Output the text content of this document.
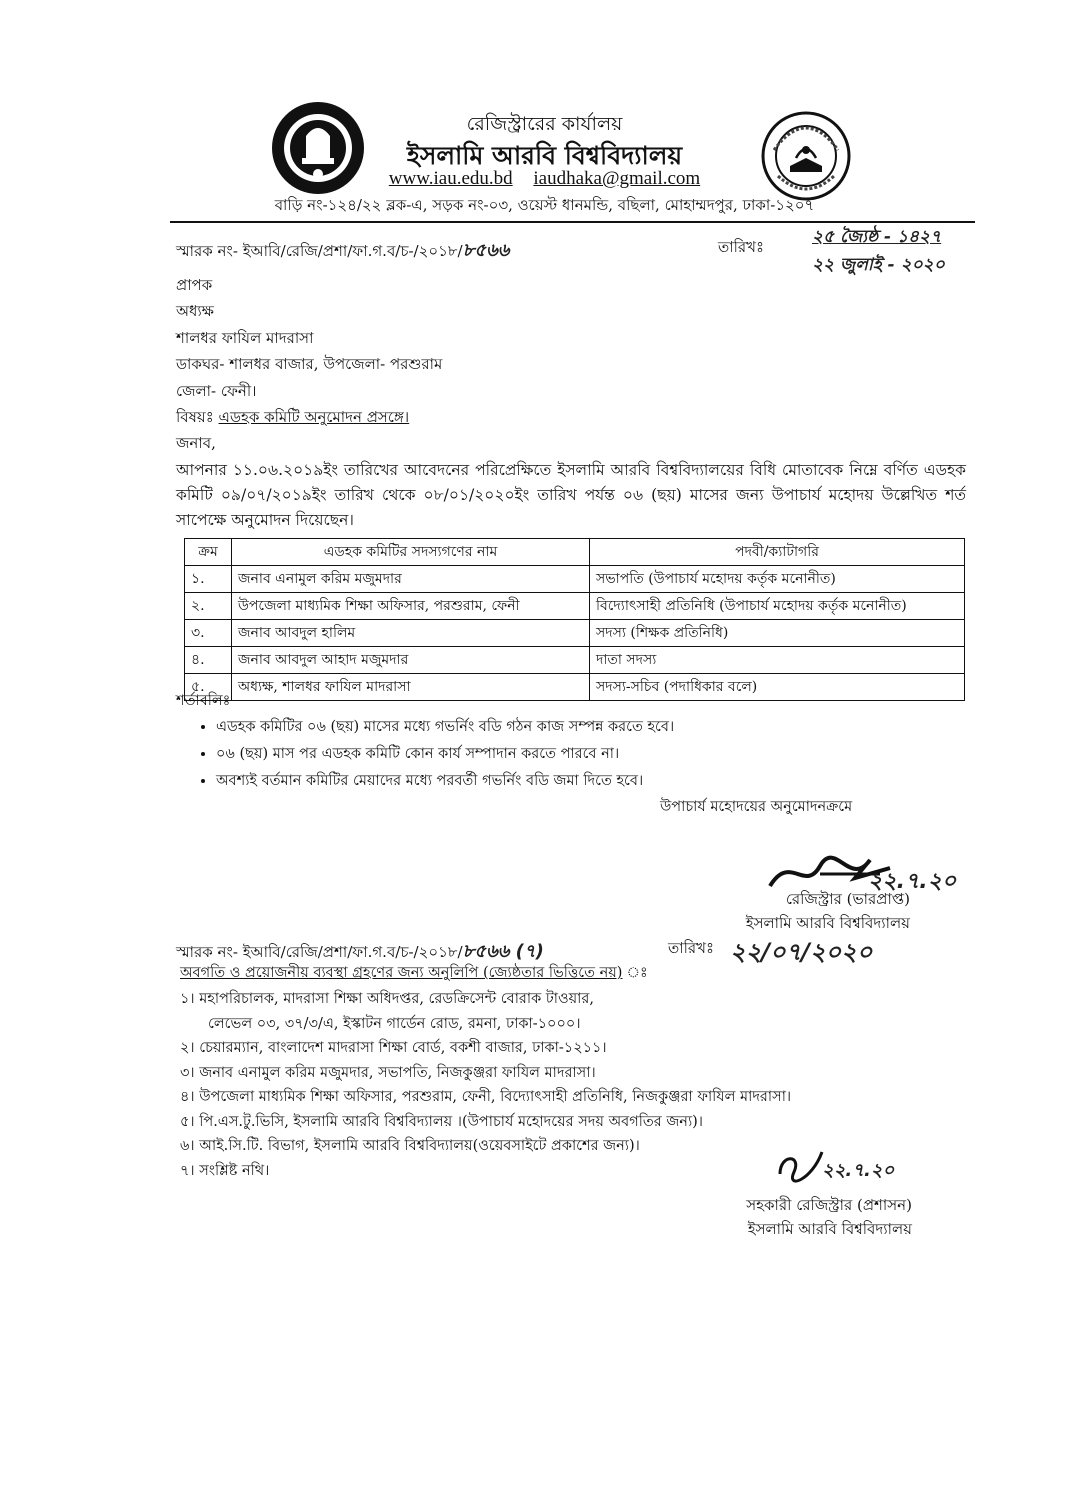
রেজিস্ট্রারের কার্যালয়
ইসলামি আরবি বিশ্ববিদ্যালয়
www.iau.edu.bd iaudhaka@gmail.com
বাড়ি নং-১২৪/২২ ব্লক-এ, সড়ক নং-০৩, ওয়েস্ট ধানমন্ডি, বছিলা, মোহাম্মদপুর, ঢাকা-১২০৭
স্মারক নং- ইআবি/রেজি/প্রশা/ফা.গ.ব/চ-/২০১৮/৮৫৬৬	তারিখঃ	২৫ জ্যৈষ্ঠ - ১৪২৭
২২ জুলাই - ২০২০
প্রাপক
অধ্যক্ষ
শালধর ফাযিল মাদরাসা
ডাকঘর- শালধর বাজার, উপজেলা- পরশুরাম
জেলা- ফেনী।
বিষয়ঃ এডহক কমিটি অনুমোদন প্রসঙ্গে।
জনাব,
আপনার ১১.০৬.২০১৯ইং তারিখের আবেদনের পরিপ্রেক্ষিতে ইসলামি আরবি বিশ্ববিদ্যালয়ের বিধি মোতাবেক নিম্নে বর্ণিত এডহক কমিটি ০৯/০৭/২০১৯ইং তারিখ থেকে ০৮/০১/২০২০ইং তারিখ পর্যন্ত ০৬ (ছয়) মাসের জন্য উপাচার্য মহোদয় উল্লেখিত শর্ত সাপেক্ষে অনুমোদন দিয়েছেন।
ক্রম	এডহক কমিটির সদস্যগণের নাম	পদবী/ক্যাটাগরি
১.	জনাব এনামুল করিম মজুমদার	সভাপতি (উপাচার্য মহোদয় কর্তৃক মনোনীত)
২.	উপজেলা মাধ্যমিক শিক্ষা অফিসার, পরশুরাম, ফেনী	বিদ্যোৎসাহী প্রতিনিধি (উপাচার্য মহোদয় কর্তৃক মনোনীত)
৩.	জনাব আবদুল হালিম	সদস্য (শিক্ষক প্রতিনিধি)
৪.	জনাব আবদুল আহাদ মজুমদার	দাতা সদস্য
৫.	অধ্যক্ষ, শালধর ফাযিল মাদরাসা	সদস্য-সচিব (পদাধিকার বলে)
শর্তাবলিঃ
• এডহক কমিটির ০৬ (ছয়) মাসের মধ্যে গভর্নিং বডি গঠন কাজ সম্পন্ন করতে হবে।
• ০৬ (ছয়) মাস পর এডহক কমিটি কোন কার্য সম্পাদান করতে পারবে না।
• অবশ্যই বর্তমান কমিটির মেয়াদের মধ্যে পরবর্তী গভর্নিং বডি জমা দিতে হবে।
উপাচার্য মহোদয়ের অনুমোদনক্রমে
২২.৭.২০
রেজিস্ট্রার (ভারপ্রাপ্ত)
ইসলামি আরবি বিশ্ববিদ্যালয়
স্মারক নং- ইআবি/রেজি/প্রশা/ফা.গ.ব/চ-/২০১৮/৮৫৬৬ (৭)	তারিখঃ ২২/০৭/২০২০
অবগতি ও প্রয়োজনীয় ব্যবস্থা গ্রহণের জন্য অনুলিপি (জ্যেষ্ঠতার ভিত্তিতে নয়) ঃ
১। মহাপরিচালক, মাদরাসা শিক্ষা অধিদপ্তর, রেডক্রিসেন্ট বোরাক টাওয়ার,
লেভেল ০৩, ৩৭/৩/এ, ইস্কাটন গার্ডেন রোড, রমনা, ঢাকা-১০০০।
২। চেয়ারম্যান, বাংলাদেশ মাদরাসা শিক্ষা বোর্ড, বকশী বাজার, ঢাকা-১২১১।
৩। জনাব এনামুল করিম মজুমদার, সভাপতি, নিজকুঞ্জরা ফাযিল মাদরাসা।
৪। উপজেলা মাধ্যমিক শিক্ষা অফিসার, পরশুরাম, ফেনী, বিদ্যোৎসাহী প্রতিনিধি, নিজকুঞ্জরা ফাযিল মাদরাসা।
৫। পি.এস.টু.ভিসি, ইসলামি আরবি বিশ্ববিদ্যালয় ।(উপাচার্য মহোদয়ের সদয় অবগতির জন্য)।
৬। আই.সি.টি. বিভাগ, ইসলামি আরবি বিশ্ববিদ্যালয়(ওয়েবসাইটে প্রকাশের জন্য)।
৭। সংশ্লিষ্ট নথি।	২২.৭.২০
সহকারী রেজিস্ট্রার (প্রশাসন)
ইসলামি আরবি বিশ্ববিদ্যালয়
